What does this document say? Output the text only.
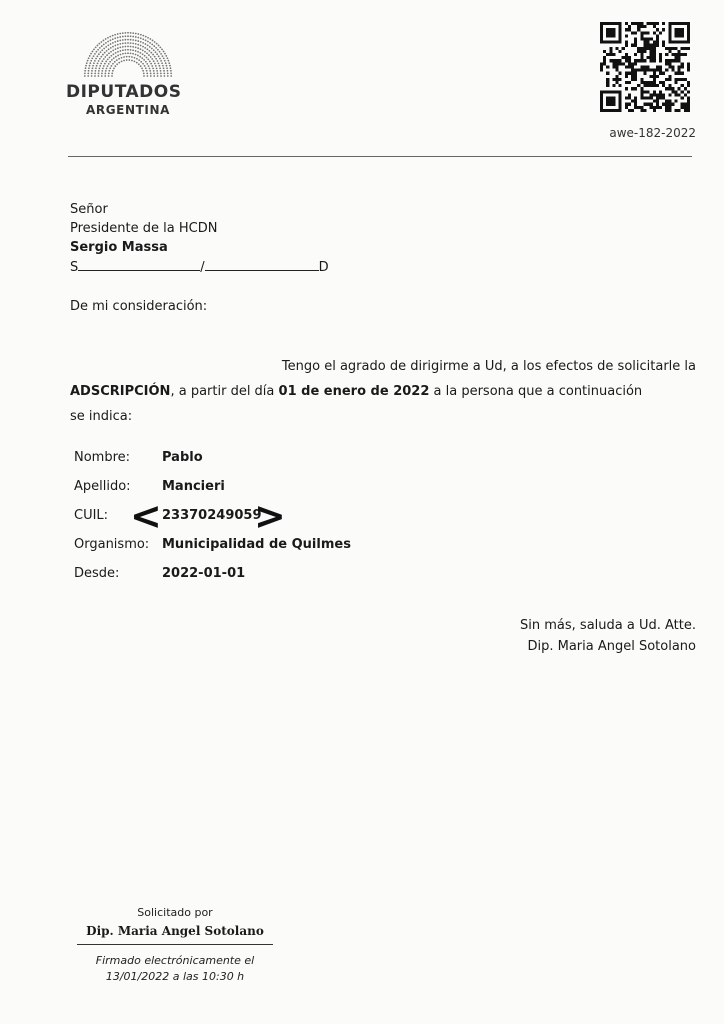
DIPUTADOS
ARGENTINA
awe-182-2022
Señor
Presidente de la HCDN
Sergio Massa
S	/	D
De mi consideración:
Tengo el agrado de dirigirme a Ud, a los efectos de solicitarle la
ADSCRIPCIÓN, a partir del día 01 de enero de 2022 a la persona que a continuación
se indica:
Nombre: Pablo
Apellido: Mancieri
CUIL:	23370249059
Organismo: Municipalidad de Quilmes
Desde:	2022-01-01
< >
Sin más, saluda a Ud. Atte.
Dip. Maria Angel Sotolano
Solicitado por
Dip. Maria Angel Sotolano
Firmado electrónicamente el
13/01/2022 a las 10:30 h
